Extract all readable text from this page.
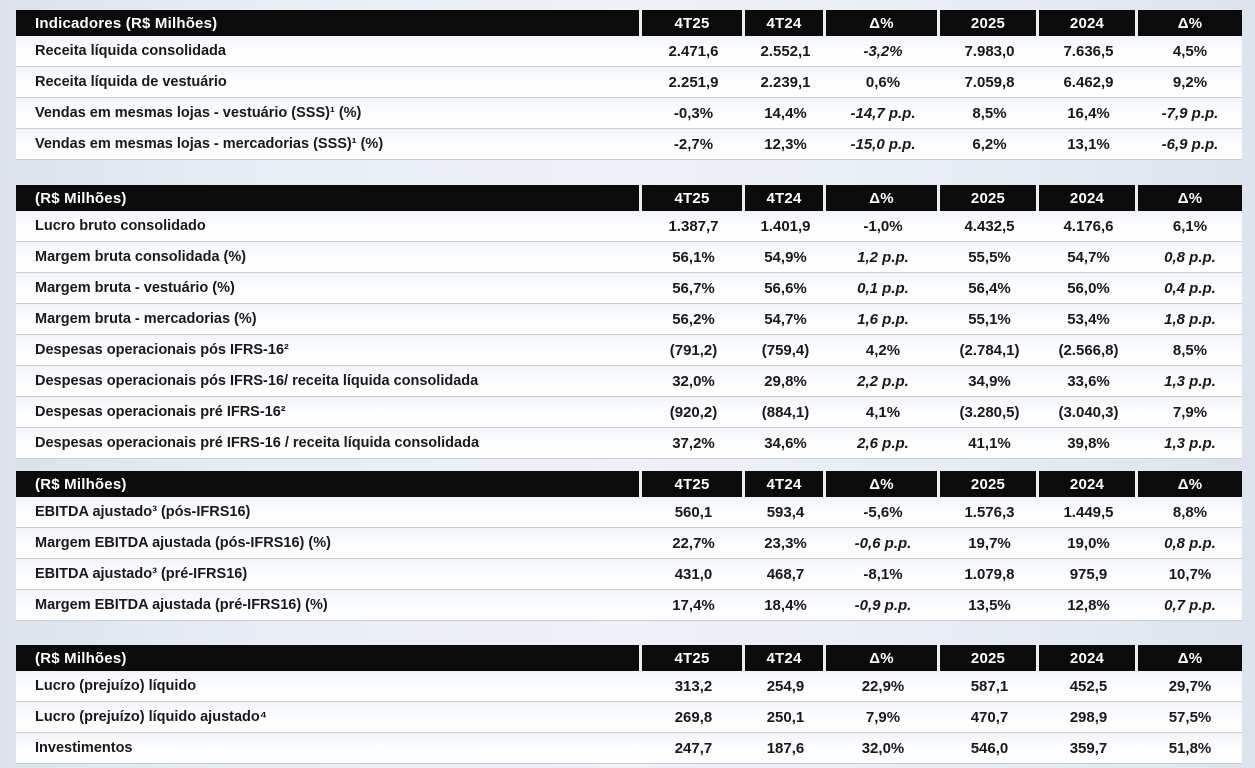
Indicadores (R$ Milhões)	4T25	4T24	Δ%	2025	2024	Δ%
Receita líquida consolidada	2.471,6	2.552,1	-3,2%	7.983,0	7.636,5	4,5%
Receita líquida de vestuário	2.251,9	2.239,1	0,6%	7.059,8	6.462,9	9,2%
Vendas em mesmas lojas - vestuário (SSS)¹ (%)	-0,3%	14,4%	-14,7 p.p.	8,5%	16,4%	-7,9 p.p.
Vendas em mesmas lojas - mercadorias (SSS)¹ (%)	-2,7%	12,3%	-15,0 p.p.	6,2%	13,1%	-6,9 p.p.
(R$ Milhões)	4T25	4T24	Δ%	2025	2024	Δ%
Lucro bruto consolidado	1.387,7	1.401,9	-1,0%	4.432,5	4.176,6	6,1%
Margem bruta consolidada (%)	56,1%	54,9%	1,2 p.p.	55,5%	54,7%	0,8 p.p.
Margem bruta - vestuário (%)	56,7%	56,6%	0,1 p.p.	56,4%	56,0%	0,4 p.p.
Margem bruta - mercadorias (%)	56,2%	54,7%	1,6 p.p.	55,1%	53,4%	1,8 p.p.
Despesas operacionais pós IFRS-16²	(791,2)	(759,4)	4,2%	(2.784,1)	(2.566,8)	8,5%
Despesas operacionais pós IFRS-16/ receita líquida consolidada	32,0%	29,8%	2,2 p.p.	34,9%	33,6%	1,3 p.p.
Despesas operacionais pré IFRS-16²	(920,2)	(884,1)	4,1%	(3.280,5)	(3.040,3)	7,9%
Despesas operacionais pré IFRS-16 / receita líquida consolidada	37,2%	34,6%	2,6 p.p.	41,1%	39,8%	1,3 p.p.
(R$ Milhões)	4T25	4T24	Δ%	2025	2024	Δ%
EBITDA ajustado³ (pós-IFRS16)	560,1	593,4	-5,6%	1.576,3	1.449,5	8,8%
Margem EBITDA ajustada (pós-IFRS16) (%)	22,7%	23,3%	-0,6 p.p.	19,7%	19,0%	0,8 p.p.
EBITDA ajustado³ (pré-IFRS16)	431,0	468,7	-8,1%	1.079,8	975,9	10,7%
Margem EBITDA ajustada (pré-IFRS16) (%)	17,4%	18,4%	-0,9 p.p.	13,5%	12,8%	0,7 p.p.
(R$ Milhões)	4T25	4T24	Δ%	2025	2024	Δ%
Lucro (prejuízo) líquido	313,2	254,9	22,9%	587,1	452,5	29,7%
Lucro (prejuízo) líquido ajustado⁴	269,8	250,1	7,9%	470,7	298,9	57,5%
Investimentos	247,7	187,6	32,0%	546,0	359,7	51,8%
